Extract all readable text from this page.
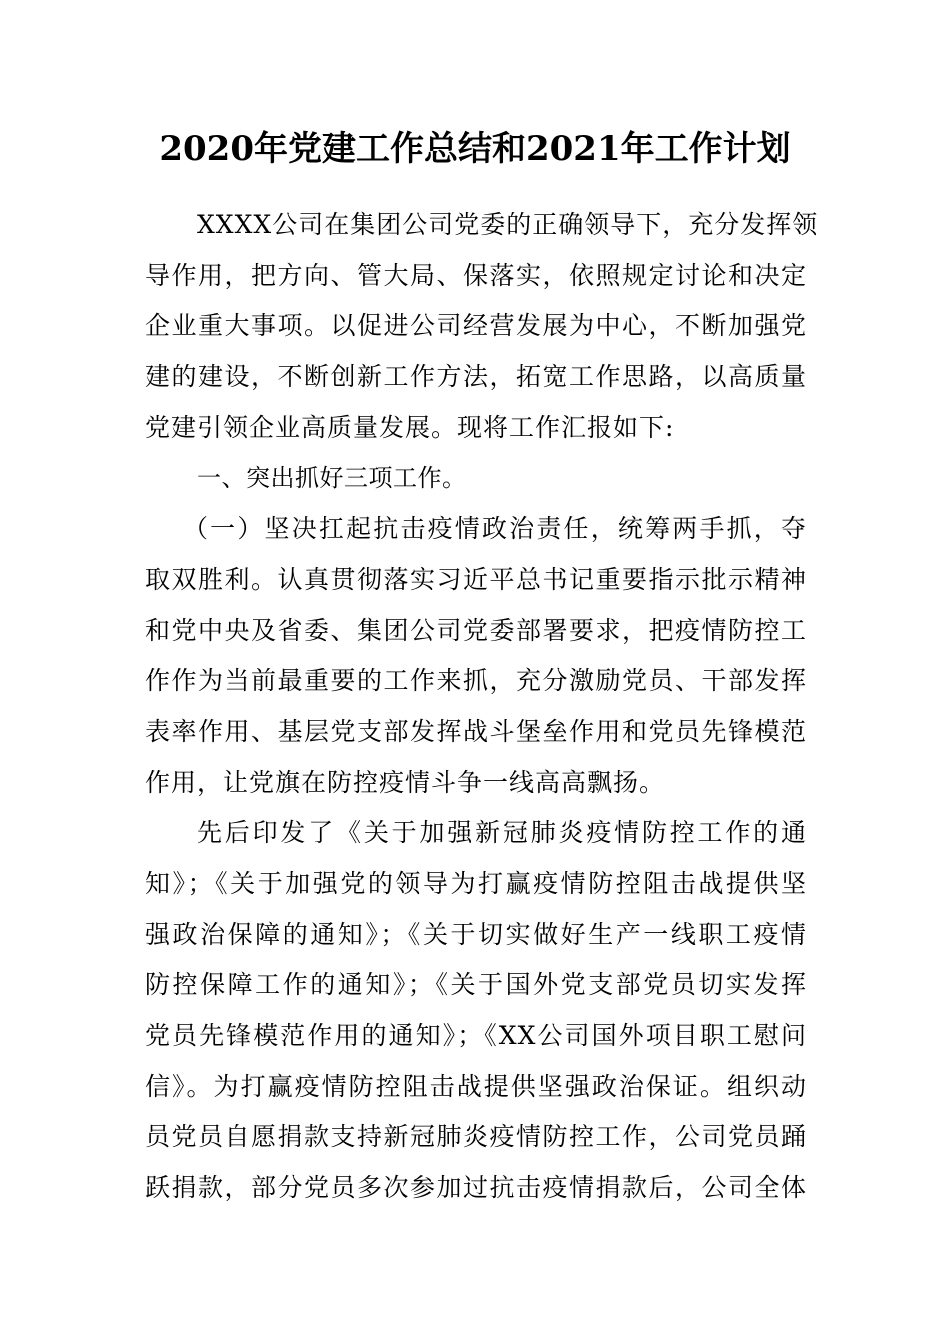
2020年党建工作总结和2021年工作计划
XXXX公司在集团公司党委的正确领导下，充分发挥领
导作用，把方向、管大局、保落实，依照规定讨论和决定
企业重大事项。以促进公司经营发展为中心，不断加强党
建的建设，不断创新工作方法，拓宽工作思路，以高质量
党建引领企业高质量发展。现将工作汇报如下:
一、突出抓好三项工作。
（一）坚决扛起抗击疫情政治责任，统筹两手抓，夺
取双胜利。认真贯彻落实习近平总书记重要指示批示精神
和党中央及省委、集团公司党委部署要求，把疫情防控工
作作为当前最重要的工作来抓，充分激励党员、干部发挥
表率作用、基层党支部发挥战斗堡垒作用和党员先锋模范
作用，让党旗在防控疫情斗争一线高高飘扬。
先后印发了《关于加强新冠肺炎疫情防控工作的通
知》；《关于加强党的领导为打赢疫情防控阻击战提供坚
强政治保障的通知》；《关于切实做好生产一线职工疫情
防控保障工作的通知》；《关于国外党支部党员切实发挥
党员先锋模范作用的通知》；《XX公司国外项目职工慰问
信》。为打赢疫情防控阻击战提供坚强政治保证。组织动
员党员自愿捐款支持新冠肺炎疫情防控工作，公司党员踊
跃捐款，部分党员多次参加过抗击疫情捐款后，公司全体
